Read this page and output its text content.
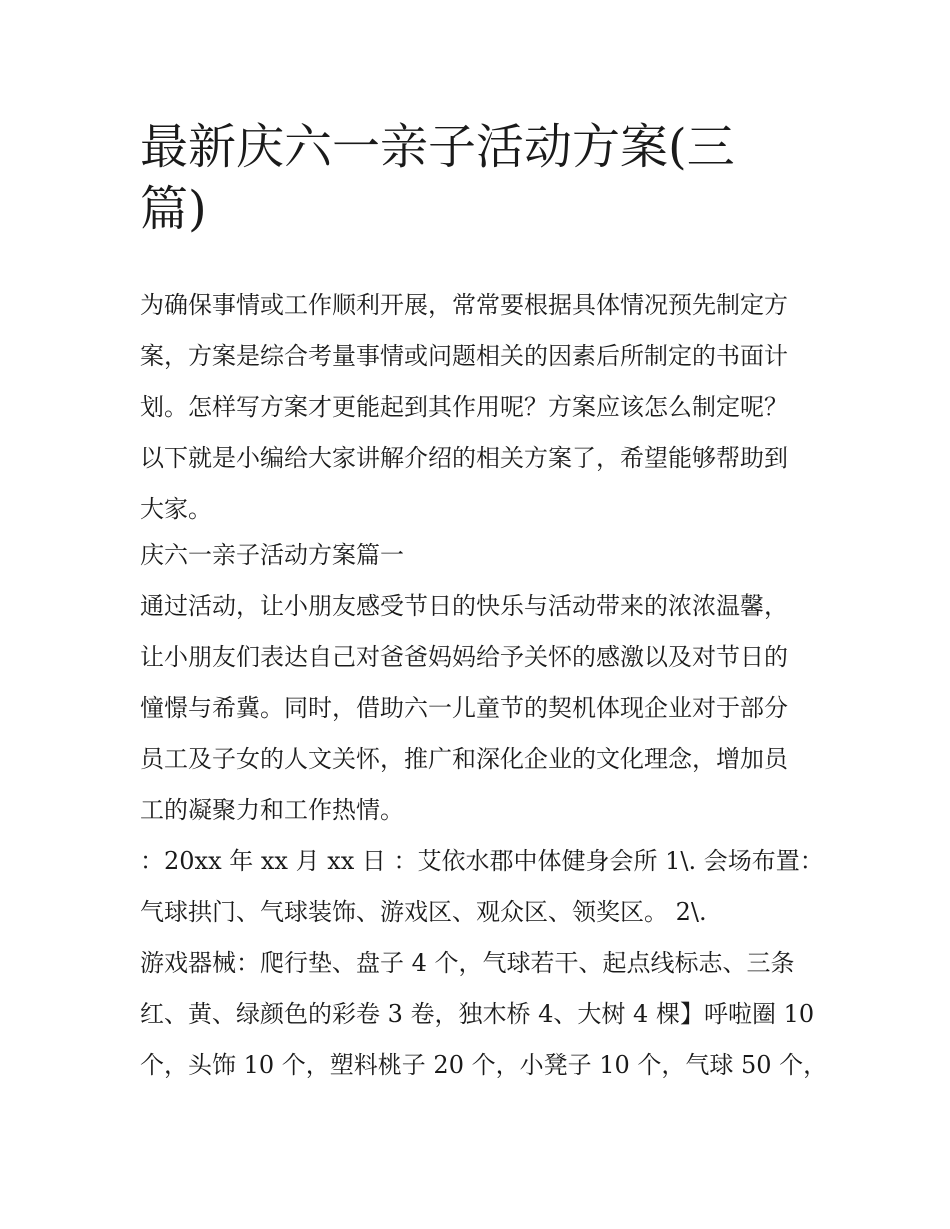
最新庆六一亲子活动方案(三
篇)

为确保事情或工作顺利开展，常常要根据具体情况预先制定方
案，方案是综合考量事情或问题相关的因素后所制定的书面计
划。怎样写方案才更能起到其作用呢？方案应该怎么制定呢？
以下就是小编给大家讲解介绍的相关方案了，希望能够帮助到
大家。

庆六一亲子活动方案篇一

通过活动，让小朋友感受节日的快乐与活动带来的浓浓温馨，
让小朋友们表达自己对爸爸妈妈给予关怀的感激以及对节日的
憧憬与希冀。同时，借助六一儿童节的契机体现企业对于部分
员工及子女的人文关怀，推广和深化企业的文化理念，增加员
工的凝聚力和工作热情。

：20xx 年 xx 月 xx 日 ：艾依水郡中体健身会所 1\. 会场布置：
气球拱门、气球装饰、游戏区、观众区、领奖区。 2\.
游戏器械：爬行垫、盘子 4 个，气球若干、起点线标志、三条
红、黄、绿颜色的彩卷 3 卷，独木桥 4、大树 4 棵】呼啦圈 10
个，头饰 10 个，塑料桃子 20 个，小凳子 10 个，气球 50 个，
